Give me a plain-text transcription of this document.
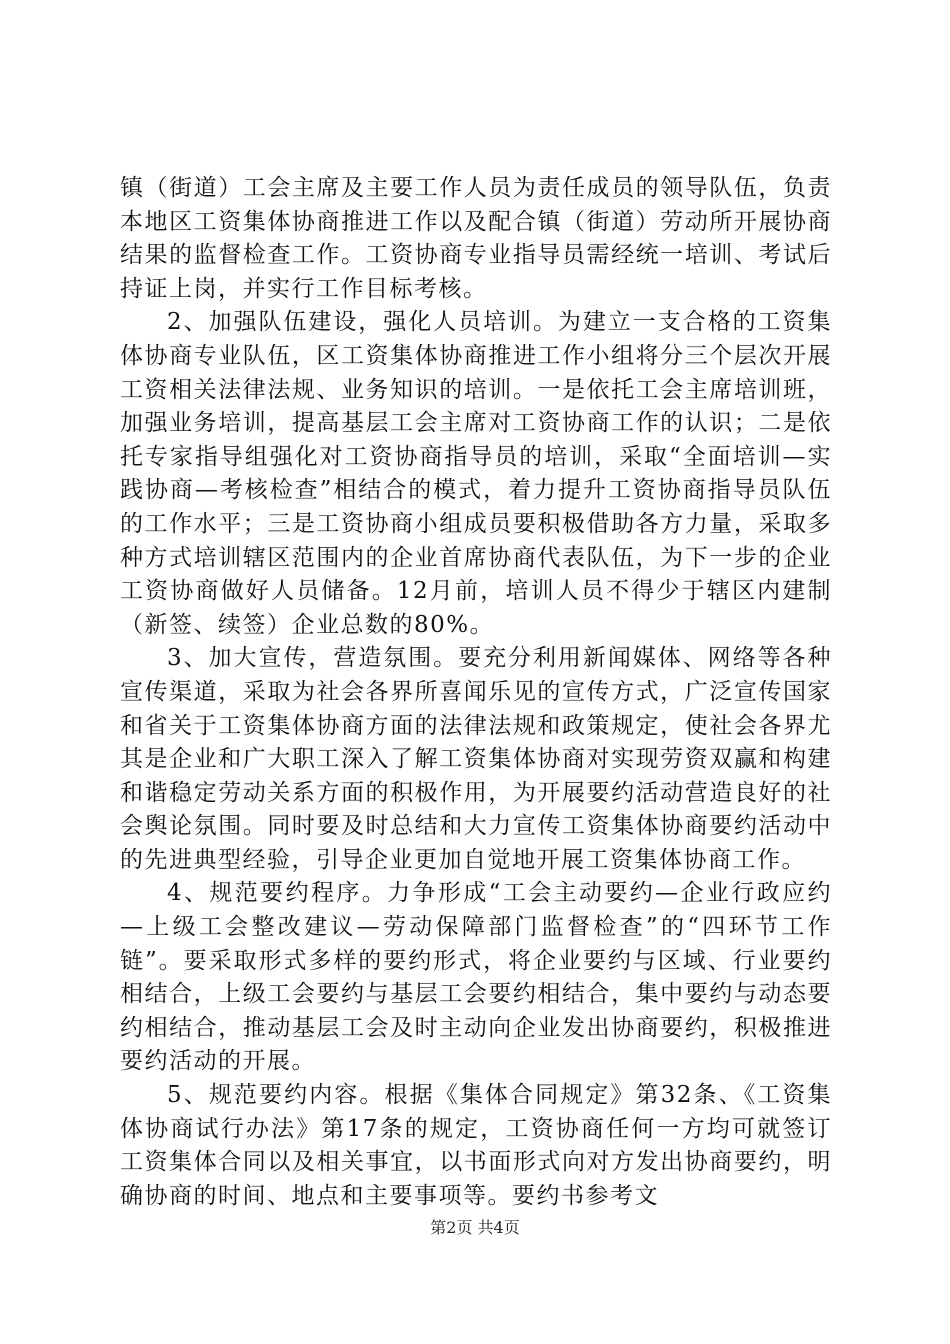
镇（街道）工会主席及主要工作人员为责任成员的领导队伍，负责本地区工资集体协商推进工作以及配合镇（街道）劳动所开展协商结果的监督检查工作。工资协商专业指导员需经统一培训、考试后持证上岗，并实行工作目标考核。

2、加强队伍建设，强化人员培训。为建立一支合格的工资集体协商专业队伍，区工资集体协商推进工作小组将分三个层次开展工资相关法律法规、业务知识的培训。一是依托工会主席培训班，加强业务培训，提高基层工会主席对工资协商工作的认识；二是依托专家指导组强化对工资协商指导员的培训，采取“全面培训—实践协商—考核检查”相结合的模式，着力提升工资协商指导员队伍的工作水平；三是工资协商小组成员要积极借助各方力量，采取多种方式培训辖区范围内的企业首席协商代表队伍，为下一步的企业工资协商做好人员储备。12月前，培训人员不得少于辖区内建制（新签、续签）企业总数的80%。

3、加大宣传，营造氛围。要充分利用新闻媒体、网络等各种宣传渠道，采取为社会各界所喜闻乐见的宣传方式，广泛宣传国家和省关于工资集体协商方面的法律法规和政策规定，使社会各界尤其是企业和广大职工深入了解工资集体协商对实现劳资双赢和构建和谐稳定劳动关系方面的积极作用，为开展要约活动营造良好的社会舆论氛围。同时要及时总结和大力宣传工资集体协商要约活动中的先进典型经验，引导企业更加自觉地开展工资集体协商工作。

4、规范要约程序。力争形成“工会主动要约—企业行政应约—上级工会整改建议—劳动保障部门监督检查”的“四环节工作链”。要采取形式多样的要约形式，将企业要约与区域、行业要约相结合，上级工会要约与基层工会要约相结合，集中要约与动态要约相结合，推动基层工会及时主动向企业发出协商要约，积极推进要约活动的开展。

5、规范要约内容。根据《集体合同规定》第32条、《工资集体协商试行办法》第17条的规定，工资协商任何一方均可就签订工资集体合同以及相关事宜，以书面形式向对方发出协商要约，明确协商的时间、地点和主要事项等。要约书参考文

第2页 共4页
